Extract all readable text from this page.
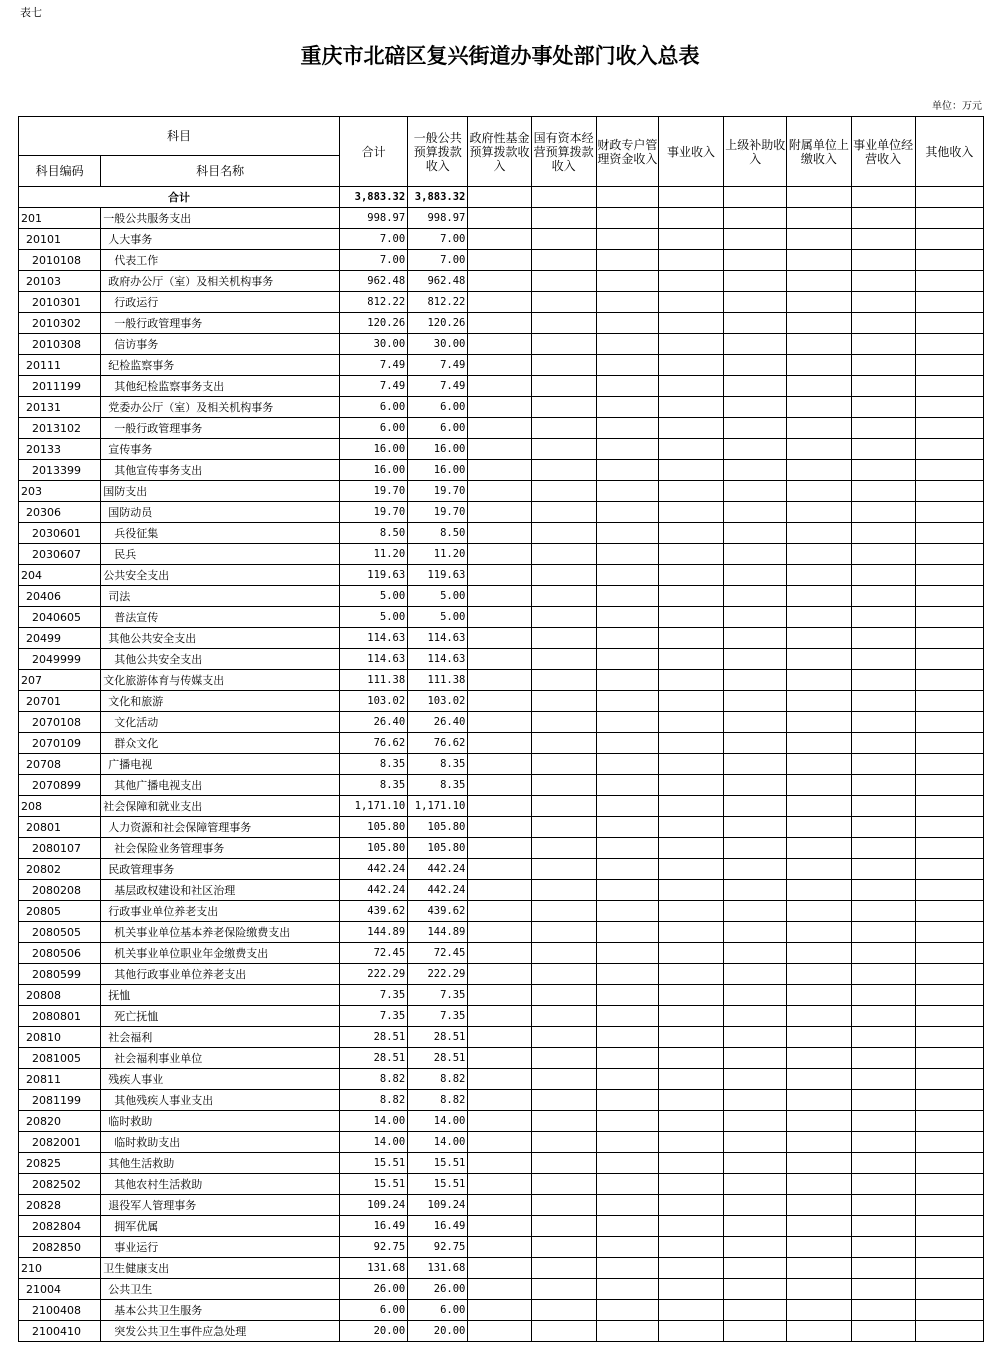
表七
重庆市北碚区复兴街道办事处部门收入总表
单位：万元
科目		合计	一般公共预算拨款收入	政府性基金预算拨款收入	国有资本经营预算拨款收入	财政专户管理资金收入	事业收入	上级补助收入	附属单位上缴收入	事业单位经营收入	其他收入
科目编码	科目名称										
合计		3,883.32	3,883.32								
201	一般公共服务支出	998.97	998.97								
20101	人大事务	7.00	7.00								
2010108	代表工作	7.00	7.00								
20103	政府办公厅（室）及相关机构事务	962.48	962.48								
2010301	行政运行	812.22	812.22								
2010302	一般行政管理事务	120.26	120.26								
2010308	信访事务	30.00	30.00								
20111	纪检监察事务	7.49	7.49								
2011199	其他纪检监察事务支出	7.49	7.49								
20131	党委办公厅（室）及相关机构事务	6.00	6.00								
2013102	一般行政管理事务	6.00	6.00								
20133	宣传事务	16.00	16.00								
2013399	其他宣传事务支出	16.00	16.00								
203	国防支出	19.70	19.70								
20306	国防动员	19.70	19.70								
2030601	兵役征集	8.50	8.50								
2030607	民兵	11.20	11.20								
204	公共安全支出	119.63	119.63								
20406	司法	5.00	5.00								
2040605	普法宣传	5.00	5.00								
20499	其他公共安全支出	114.63	114.63								
2049999	其他公共安全支出	114.63	114.63								
207	文化旅游体育与传媒支出	111.38	111.38								
20701	文化和旅游	103.02	103.02								
2070108	文化活动	26.40	26.40								
2070109	群众文化	76.62	76.62								
20708	广播电视	8.35	8.35								
2070899	其他广播电视支出	8.35	8.35								
208	社会保障和就业支出	1,171.10	1,171.10								
20801	人力资源和社会保障管理事务	105.80	105.80								
2080107	社会保险业务管理事务	105.80	105.80								
20802	民政管理事务	442.24	442.24								
2080208	基层政权建设和社区治理	442.24	442.24								
20805	行政事业单位养老支出	439.62	439.62								
2080505	机关事业单位基本养老保险缴费支出	144.89	144.89								
2080506	机关事业单位职业年金缴费支出	72.45	72.45								
2080599	其他行政事业单位养老支出	222.29	222.29								
20808	抚恤	7.35	7.35								
2080801	死亡抚恤	7.35	7.35								
20810	社会福利	28.51	28.51								
2081005	社会福利事业单位	28.51	28.51								
20811	残疾人事业	8.82	8.82								
2081199	其他残疾人事业支出	8.82	8.82								
20820	临时救助	14.00	14.00								
2082001	临时救助支出	14.00	14.00								
20825	其他生活救助	15.51	15.51								
2082502	其他农村生活救助	15.51	15.51								
20828	退役军人管理事务	109.24	109.24								
2082804	拥军优属	16.49	16.49								
2082850	事业运行	92.75	92.75								
210	卫生健康支出	131.68	131.68								
21004	公共卫生	26.00	26.00								
2100408	基本公共卫生服务	6.00	6.00								
2100410	突发公共卫生事件应急处理	20.00	20.00								
